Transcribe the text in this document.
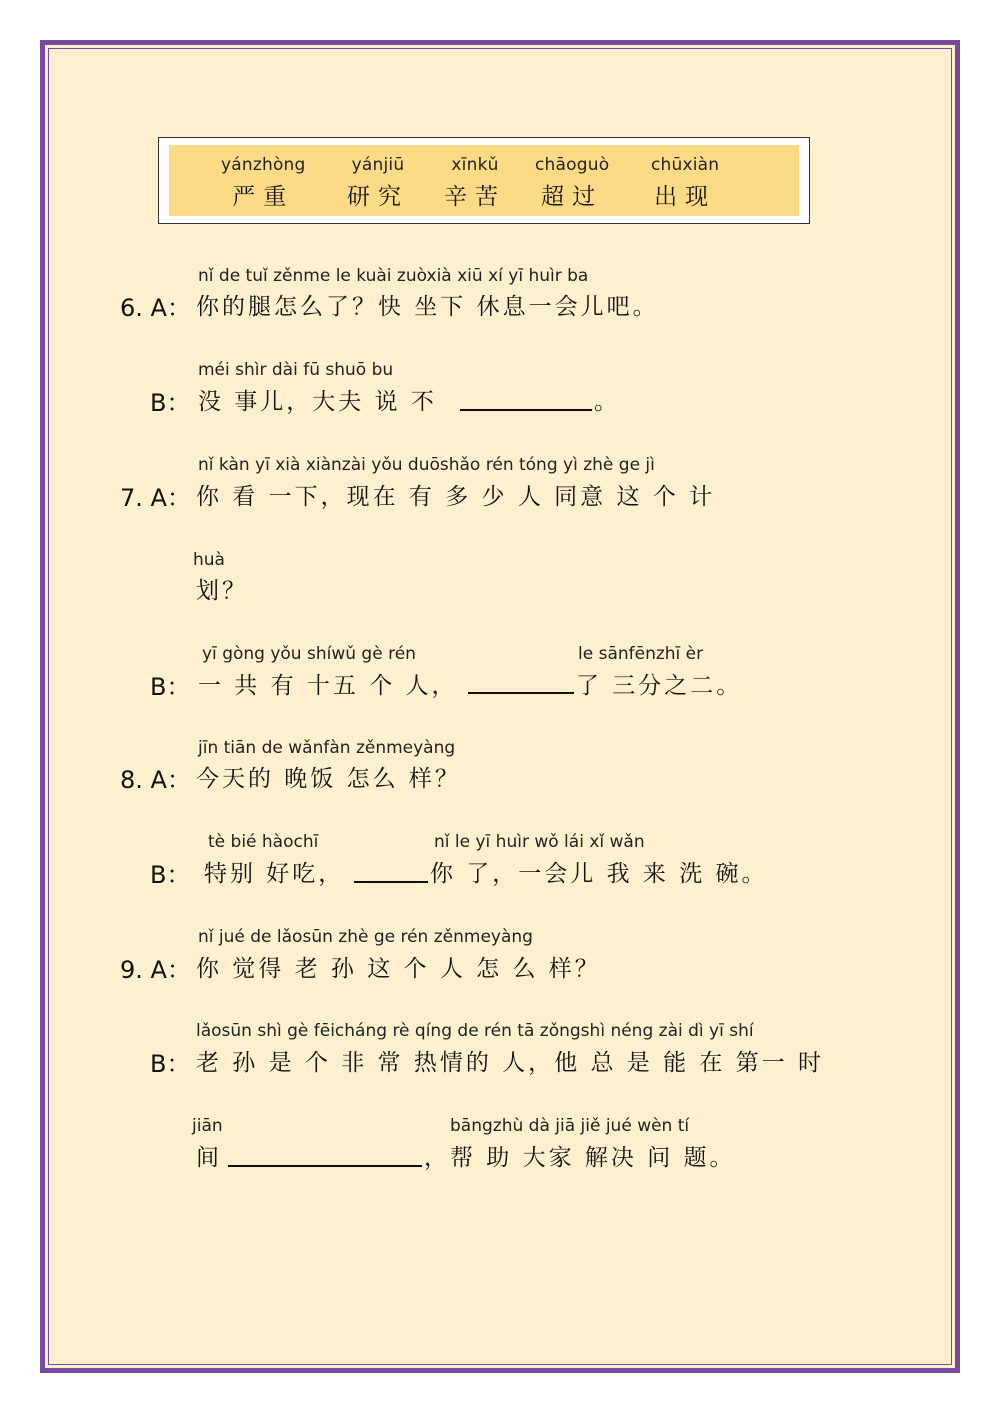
yánzhòng
严重
yánjiū
研究
xīnkǔ
辛苦
chāoguò
超过
chūxiàn
出现
nǐ de tuǐ zěnme le kuài zuòxià xiū xí yī huìr ba
6. A： 你的腿怎么了？快 坐下 休息一会儿吧。
méi shìr dài fū shuō bu
B： 没 事儿，大夫 说 不	。
nǐ kàn yī xià xiànzài yǒu duōshǎo rén tóng yì zhè ge jì
7. A： 你 看 一下，现在 有 多 少 人 同意 这 个 计
huà
划？
yī gòng yǒu shíwǔ gè rén
B： 一 共 有 十五 个 人，
le sānfēnzhī èr
了 三分之二。
jīn tiān de wǎnfàn zěnmeyàng
8. A： 今天的 晚饭 怎么 样？
tè bié hàochī
B： 特别 好吃，
nǐ le yī huìr wǒ lái xǐ wǎn
你 了，一会儿 我 来 洗 碗。
nǐ jué de lǎosūn zhè ge rén zěnmeyàng
9. A： 你 觉得 老 孙 这 个 人 怎 么 样？
lǎosūn shì gè fēicháng rè qíng de rén tā zǒngshì néng zài dì yī shí
B： 老 孙 是 个 非 常 热情的 人，他 总 是 能 在 第一 时
jiān
间
bāngzhù dà jiā jiě jué wèn tí
，帮 助 大家 解决 问 题。
